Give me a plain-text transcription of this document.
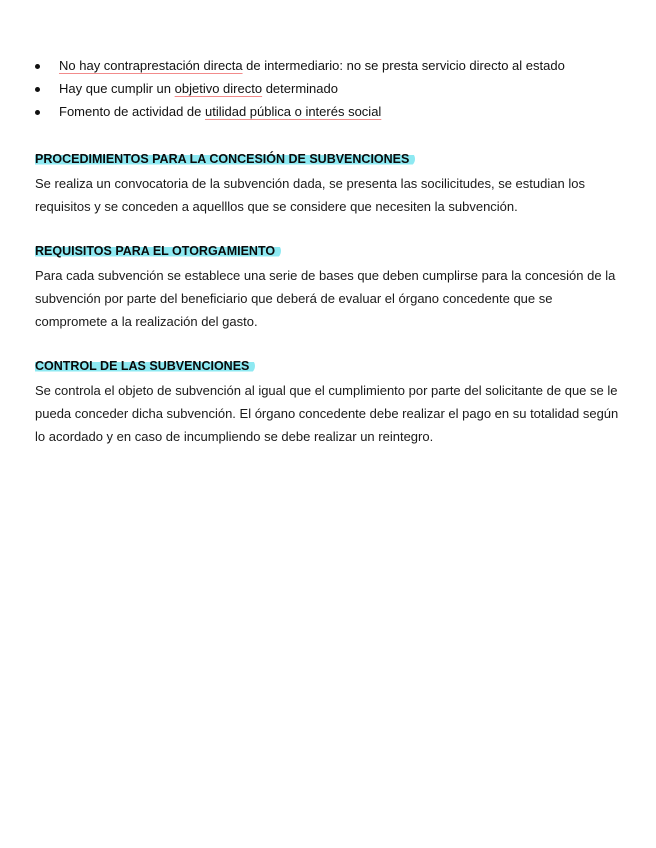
No hay contraprestación directa de intermediario: no se presta servicio directo al estado
Hay que cumplir un objetivo directo determinado
Fomento de actividad de utilidad pública o interés social
PROCEDIMIENTOS PARA LA CONCESIÓN DE SUBVENCIONES

Se realiza un convocatoria de la subvención dada, se presenta las socilicitudes, se estudian los requisitos y se conceden a aquelllos que se considere que necesiten la subvención.

REQUISITOS PARA EL OTORGAMIENTO

Para cada subvención se establece una serie de bases que deben cumplirse para la concesión de la subvención por parte del beneficiario que deberá de evaluar el órgano concedente que se compromete a la realización del gasto.

CONTROL DE LAS SUBVENCIONES

Se controla el objeto de subvención al igual que el cumplimiento por parte del solicitante de que se le pueda conceder dicha subvención. El órgano concedente debe realizar el pago en su totalidad según lo acordado y en caso de incumpliendo se debe realizar un reintegro.
